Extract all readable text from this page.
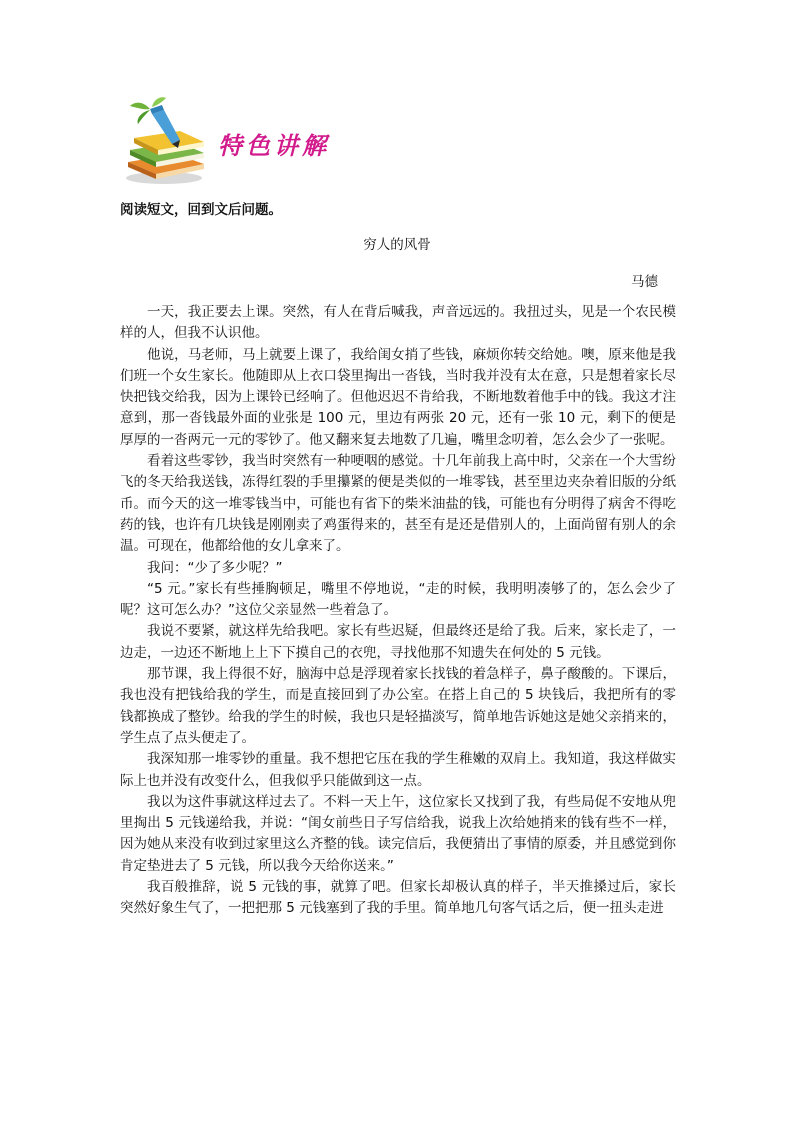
特色讲解
阅读短文，回到文后问题。
穷人的风骨
马德

一天，我正要去上课。突然，有人在背后喊我，声音远远的。我扭过头，见是一个农民模样的人，但我不认识他。

他说，马老师，马上就要上课了，我给闺女捎了些钱，麻烦你转交给她。噢，原来他是我们班一个女生家长。他随即从上衣口袋里掏出一沓钱，当时我并没有太在意，只是想着家长尽快把钱交给我，因为上课铃已经响了。但他迟迟不肯给我，不断地数着他手中的钱。我这才注意到，那一沓钱最外面的业张是 100 元，里边有两张 20 元，还有一张 10 元，剩下的便是厚厚的一沓两元一元的零钞了。他又翻来复去地数了几遍，嘴里念叨着，怎么会少了一张呢。

看着这些零钞，我当时突然有一种哽咽的感觉。十几年前我上高中时，父亲在一个大雪纷飞的冬天给我送钱，冻得红裂的手里攥紧的便是类似的一堆零钱，甚至里边夹杂着旧版的分纸币。而今天的这一堆零钱当中，可能也有省下的柴米油盐的钱，可能也有分明得了病舍不得吃药的钱，也许有几块钱是刚刚卖了鸡蛋得来的，甚至有是还是借别人的，上面尚留有别人的余温。可现在，他都给他的女儿拿来了。

我问：“少了多少呢？”

“5 元。”家长有些捶胸顿足，嘴里不停地说，“走的时候，我明明凑够了的，怎么会少了呢？这可怎么办？”这位父亲显然一些着急了。

我说不要紧，就这样先给我吧。家长有些迟疑，但最终还是给了我。后来，家长走了，一边走，一边还不断地上上下下摸自己的衣兜，寻找他那不知遗失在何处的 5 元钱。

那节课，我上得很不好，脑海中总是浮现着家长找钱的着急样子，鼻子酸酸的。下课后，我也没有把钱给我的学生，而是直接回到了办公室。在搭上自己的 5 块钱后，我把所有的零钱都换成了整钞。给我的学生的时候，我也只是轻描淡写，简单地告诉她这是她父亲捎来的，学生点了点头便走了。

我深知那一堆零钞的重量。我不想把它压在我的学生稚嫩的双肩上。我知道，我这样做实际上也并没有改变什么，但我似乎只能做到这一点。

我以为这件事就这样过去了。不料一天上午，这位家长又找到了我，有些局促不安地从兜里掏出 5 元钱递给我，并说：“闺女前些日子写信给我，说我上次给她捎来的钱有些不一样，因为她从来没有收到过家里这么齐整的钱。读完信后，我便猜出了事情的原委，并且感觉到你肯定垫进去了 5 元钱，所以我今天给你送来。”

我百般推辞，说 5 元钱的事，就算了吧。但家长却极认真的样子，半天推搡过后，家长突然好象生气了，一把把那 5 元钱塞到了我的手里。简单地几句客气话之后，便一扭头走进
